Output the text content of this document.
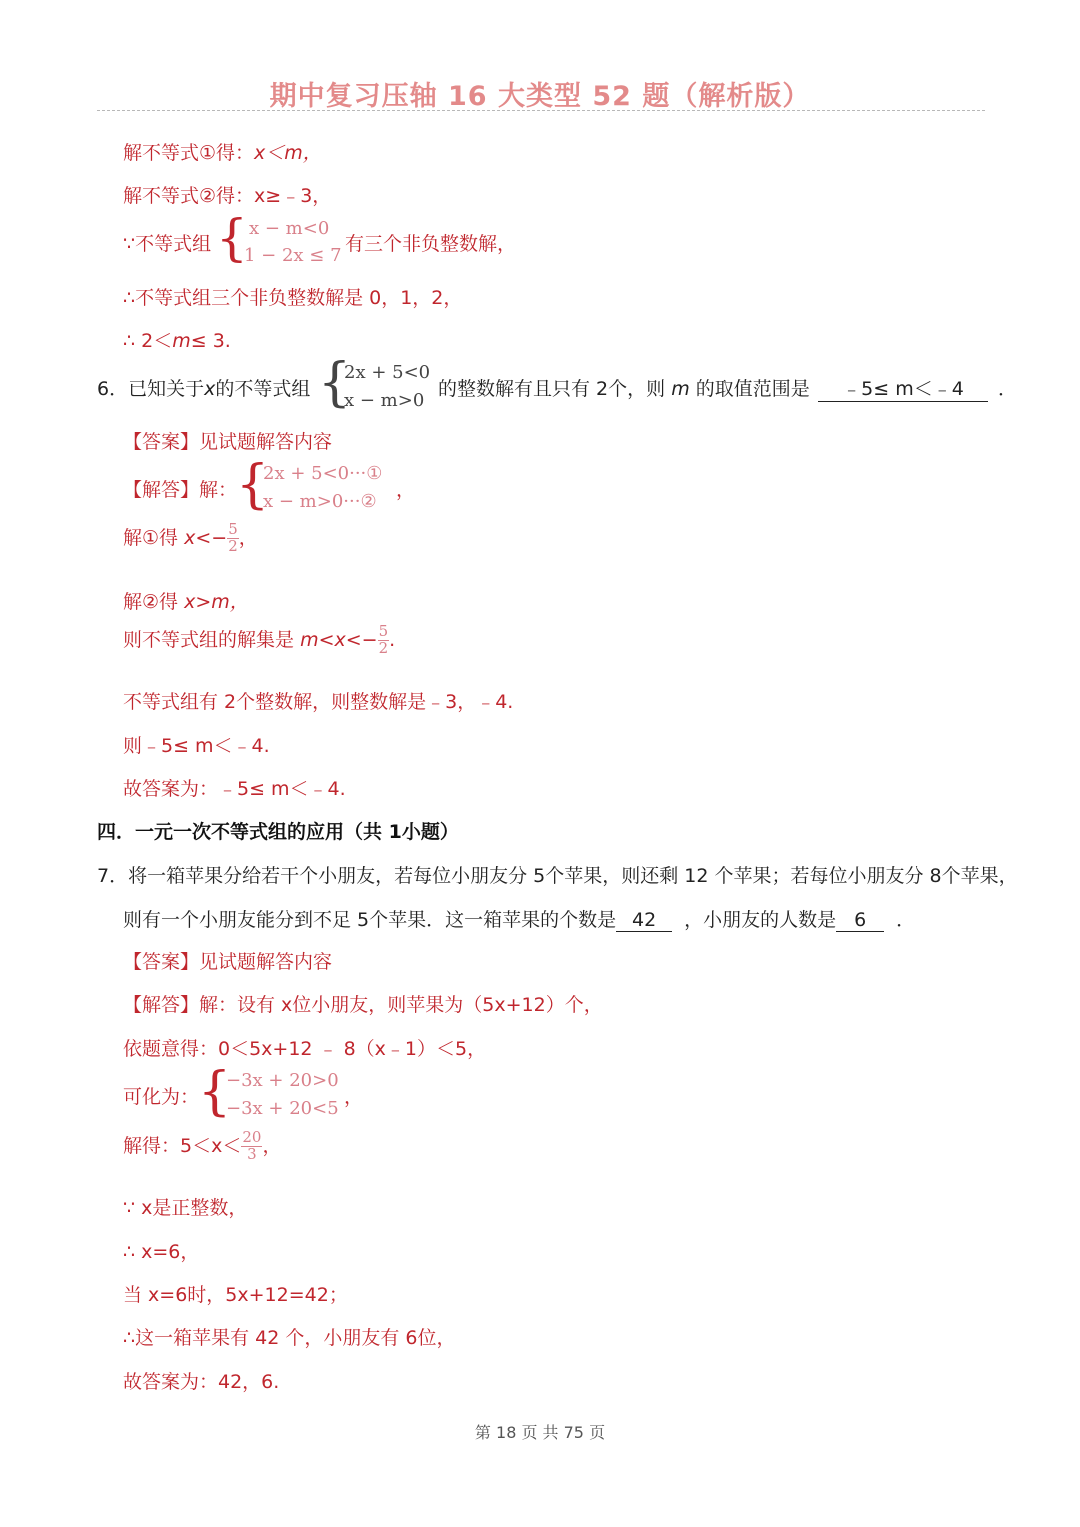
期中复习压轴 16 大类型 52 题（解析版）
解不等式①得：x＜m，
解不等式②得：x≥﹣3，
∵不等式组 { x − m<0
1 − 2x ≤ 7
有三个非负整数解，
∴不等式组三个非负整数解是 0，1，2，
∴ 2＜m≤ 3.
6．已知关于x的不等式组 {
2x + 5<0
x − m>0
的整数解有且只有 2个，则 m 的取值范围是	﹣5≤ m＜﹣4 ．
【答案】见试题解答内容
【解答】解：
{
2x + 5<0···①
x − m>0···②
，
解①得 $x<- \frac{5}{2}$ ，
解②得 x>m，
则不等式组的解集是 $m<x<- \frac{5}{2}$ .
不等式组有 2个整数解，则整数解是﹣3，﹣4.
则﹣5≤ m＜﹣4.
故答案为：﹣5≤ m＜﹣4.
四．一元一次不等式组的应用（共 1小题）
7．将一箱苹果分给若干个小朋友，若每位小朋友分 5个苹果，则还剩 12 个苹果；若每位小朋友分 8个苹果，
则有一个小朋友能分到不足 5个苹果．这一箱苹果的个数是 42 ，小朋友的人数是 6 ．
【答案】见试题解答内容
【解答】解：设有 x位小朋友，则苹果为（5x+12）个，
依题意得：0＜5x+12 ﹣ 8（x﹣1）＜5，
可化为：
{
−3x + 20>0
−3x + 20<5
，
解得：$5<x< \frac{20}{3}$ ，
∵ x是正整数，
∴ x=6，
当 x=6时，5x+12=42；
∴这一箱苹果有 42 个，小朋友有 6位，
故答案为：42，6.
第 18 页 共 75 页
